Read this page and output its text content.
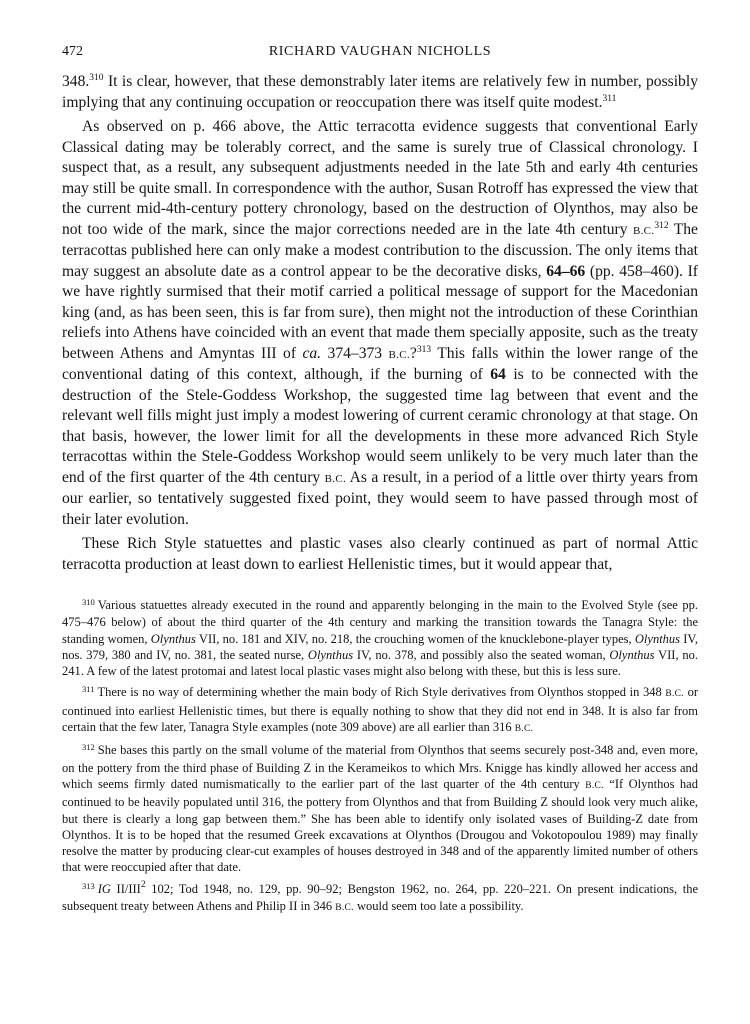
472	RICHARD VAUGHAN NICHOLLS

348.$^{310}$ It is clear, however, that these demonstrably later items are relatively few in number, possibly implying that any continuing occupation or reoccupation there was itself quite modest.$^{311}$

As observed on p. 466 above, the Attic terracotta evidence suggests that conventional Early Classical dating may be tolerably correct, and the same is surely true of Classical chronology. I suspect that, as a result, any subsequent adjustments needed in the late 5th and early 4th centuries may still be quite small. In correspondence with the author, Susan Rotroff has expressed the view that the current mid-4th-century pottery chronology, based on the destruction of Olynthos, may also be not too wide of the mark, since the major corrections needed are in the late 4th century B.C.$^{312}$ The terracottas published here can only make a modest contribution to the discussion. The only items that may suggest an absolute date as a control appear to be the decorative disks, 64–66 (pp. 458–460). If we have rightly surmised that their motif carried a political message of support for the Macedonian king (and, as has been seen, this is far from sure), then might not the introduction of these Corinthian reliefs into Athens have coincided with an event that made them specially apposite, such as the treaty between Athens and Amyntas III of ca. 374–373 B.C.?$^{313}$ This falls within the lower range of the conventional dating of this context, although, if the burning of 64 is to be connected with the destruction of the Stele-Goddess Workshop, the suggested time lag between that event and the relevant well fills might just imply a modest lowering of current ceramic chronology at that stage. On that basis, however, the lower limit for all the developments in these more advanced Rich Style terracottas within the Stele-Goddess Workshop would seem unlikely to be very much later than the end of the first quarter of the 4th century B.C. As a result, in a period of a little over thirty years from our earlier, so tentatively suggested fixed point, they would seem to have passed through most of their later evolution.

These Rich Style statuettes and plastic vases also clearly continued as part of normal Attic terracotta production at least down to earliest Hellenistic times, but it would appear that,

$^{310}$ Various statuettes already executed in the round and apparently belonging in the main to the Evolved Style (see pp. 475–476 below) of about the third quarter of the 4th century and marking the transition towards the Tanagra Style: the standing women, Olynthus VII, no. 181 and XIV, no. 218, the crouching women of the knucklebone-player types, Olynthus IV, nos. 379, 380 and IV, no. 381, the seated nurse, Olynthus IV, no. 378, and possibly also the seated woman, Olynthus VII, no. 241. A few of the latest protomai and latest local plastic vases might also belong with these, but this is less sure.

$^{311}$ There is no way of determining whether the main body of Rich Style derivatives from Olynthos stopped in 348 B.C. or continued into earliest Hellenistic times, but there is equally nothing to show that they did not end in 348. It is also far from certain that the few later, Tanagra Style examples (note 309 above) are all earlier than 316 B.C.

$^{312}$ She bases this partly on the small volume of the material from Olynthos that seems securely post-348 and, even more, on the pottery from the third phase of Building Z in the Kerameikos to which Mrs. Knigge has kindly allowed her access and which seems firmly dated numismatically to the earlier part of the last quarter of the 4th century B.C. “If Olynthos had continued to be heavily populated until 316, the pottery from Olynthos and that from Building Z should look very much alike, but there is clearly a long gap between them.” She has been able to identify only isolated vases of Building-Z date from Olynthos. It is to be hoped that the resumed Greek excavations at Olynthos (Drougou and Vokotopoulou 1989) may finally resolve the matter by producing clear-cut examples of houses destroyed in 348 and of the apparently limited number of others that were reoccupied after that date.

$^{313}$ IG II/III$^2$ 102; Tod 1948, no. 129, pp. 90–92; Bengston 1962, no. 264, pp. 220–221. On present indications, the subsequent treaty between Athens and Philip II in 346 B.C. would seem too late a possibility.
